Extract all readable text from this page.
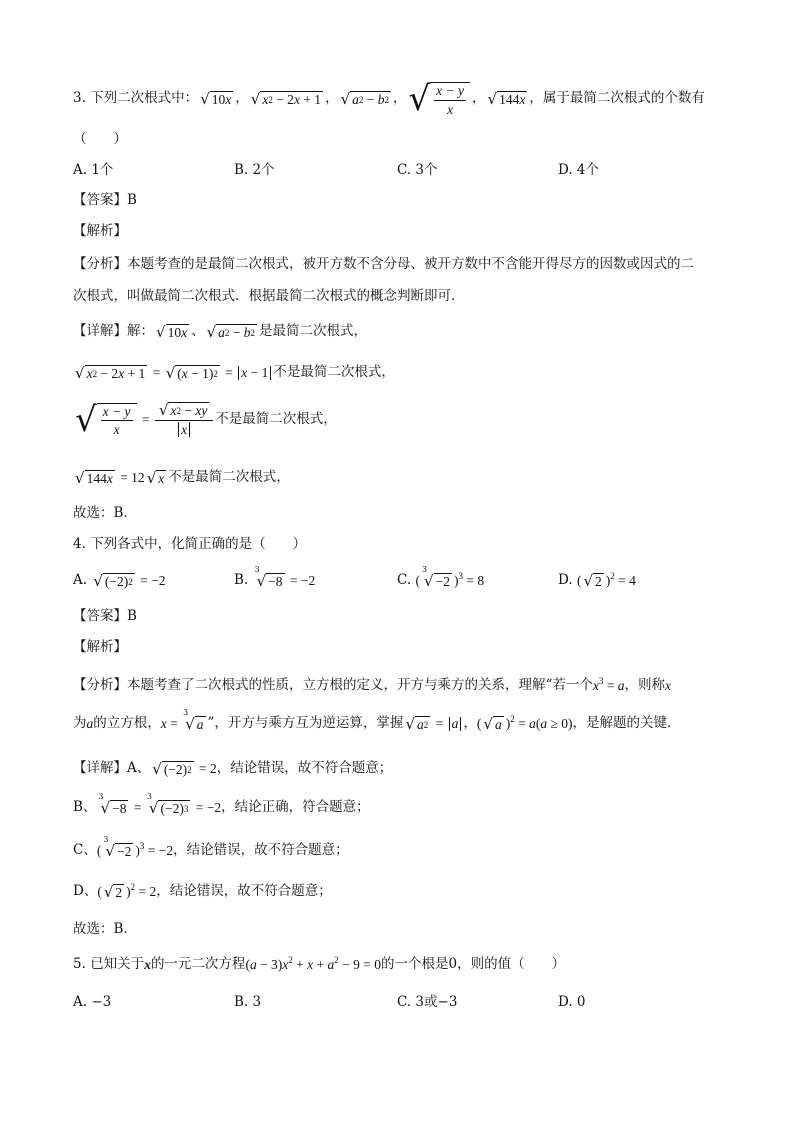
3.
下列二次根式中： √ 10 x ， √ x 2 − 2 x + 1 ， √ a 2 − b 2 ， √ $\frac{x - y}{x}$ ， √ 144 x ，属于最简二次根式的个数有
（　　）
A. 1个	B. 2个	C. 3个	D. 4个
【答案】 B
【解析】
【分析】 本题考查的是最简二次根式，被开方数不含分母、被开方数中不含能开得尽方的因数或因式的二
次根式，叫做最简二次根式．根据最简二次根式的概念判断即可．
【详解】 解： √ 10 x 、 √ a 2 − b 2 是最简二次根式，
√ x 2 − 2 x + 1 = √ ( x − 1) 2 = x − 1 不是最简二次根式，
√ $\frac{x - y}{x} = \frac{√ x 2 - xy}{x}$ 不是最简二次根式，
√ 144 x = 12 √ x 不是最简二次根式，
故选：B．
4.
下列各式中，化简正确的是（　　）
A.
√ (−2) 2 = −2	B.

3
√ −8 = −2	C.
(
3
√ −2 )$^3$ = 8	D.
( √ 2 )$^2$ = 4
【答案】 B
【解析】
【分析】 本题考查了二次根式的性质，立方根的定义，开方与乘方的关系，理解“若一个 $x^3 = a$ ，则称 x
为 a 的立方根， x =
3
√ a ”，开方与乘方互为逆运算，掌握 √ a 2 = a ， ( √ a )$^2$ = a(a ≥ 0) ，是解题的关键．
【详解】 A、 √ (−2) 2 = 2 ，结论错误，故不符合题意；
B、
3
√ −8 =
3
√ (−2) 3 = −2 ，结论正确，符合题意；
C、 (
3
√ −2 )$^3$ = −2 ，结论错误，故不符合题意；
D、 ( √ 2 )$^2$ = 2 ，结论错误，故不符合题意；
故选：B．
5.
已知关于 x 的一元二次方程 $(a - 3)x^2 + x + a^2 - 9 = 0$ 的一个根是0，则的值（　　）
A. −3	B. 3	C. 3或−3	D. 0
